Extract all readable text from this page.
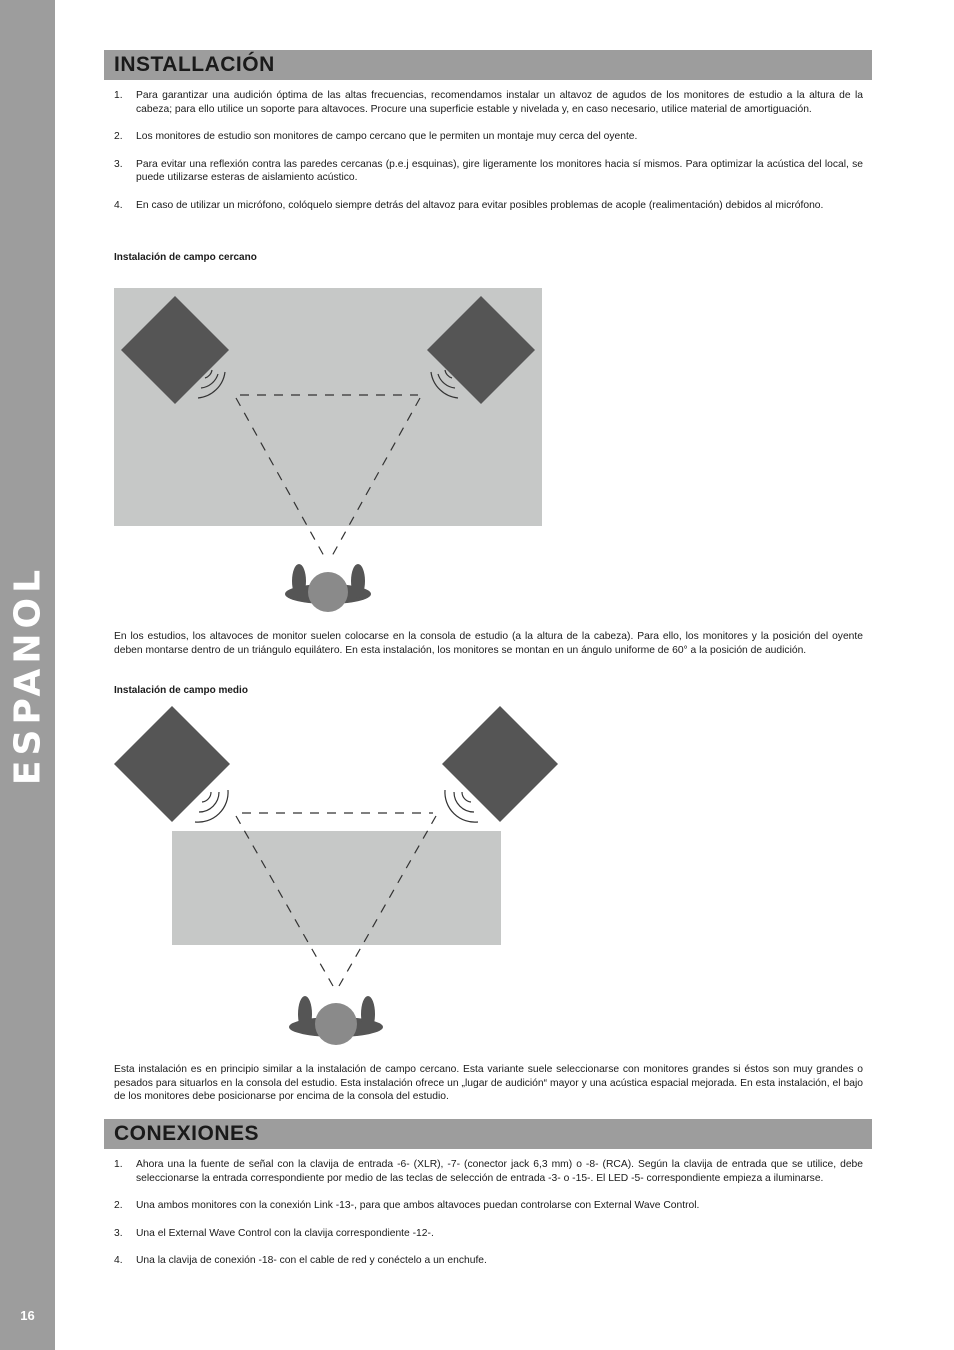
ESPANOL
16
INSTALLACIÓN
1. Para garantizar una audición óptima de las altas frecuencias, recomendamos instalar un altavoz de agudos de los monitores de estudio a la altura de la cabeza; para ello utilice un soporte para altavoces. Procure una superficie estable y nivelada y, en caso necesario, utilice material de amortiguación.
2. Los monitores de estudio son monitores de campo cercano que le permiten un montaje muy cerca del oyente.
3. Para evitar una reflexión contra las paredes cercanas (p.e.j esquinas), gire ligeramente los monitores hacia sí mismos. Para optimizar la acústica del local, se puede utilizarse esteras de aislamiento acústico.
4. En caso de utilizar un micrófono, colóquelo siempre detrás del altavoz para evitar posibles problemas de acople (realimentación) debidos al micrófono.

Instalación de campo cercano

En los estudios, los altavoces de monitor suelen colocarse en la consola de estudio (a la altura de la cabeza). Para ello, los monitores y la posición del oyente deben montarse dentro de un triángulo equilátero. En esta instalación, los monitores se montan en un ángulo uniforme de 60° a la posición de audición.

Instalación de campo medio

Esta instalación es en principio similar a la instalación de campo cercano. Esta variante suele seleccionarse con monitores grandes si éstos son muy grandes o pesados para situarlos en la consola del estudio. Esta instalación ofrece un „lugar de audición“ mayor y una acústica espacial mejorada. En esta instalación, el bajo de los monitores debe posicionarse por encima de la consola del estudio.

CONEXIONES
1. Ahora una la fuente de señal con la clavija de entrada -6- (XLR), -7- (conector jack 6,3 mm) o -8- (RCA). Según la clavija de entrada que se utilice, debe seleccionarse la entrada correspondiente por medio de las teclas de selección de entrada -3- o -15-. El LED -5- correspondiente empieza a iluminarse.
2. Una ambos monitores con la conexión Link -13-, para que ambos altavoces puedan controlarse con External Wave Control.
3. Una el External Wave Control con la clavija correspondiente -12-.
4. Una la clavija de conexión -18- con el cable de red y conéctelo a un enchufe.
